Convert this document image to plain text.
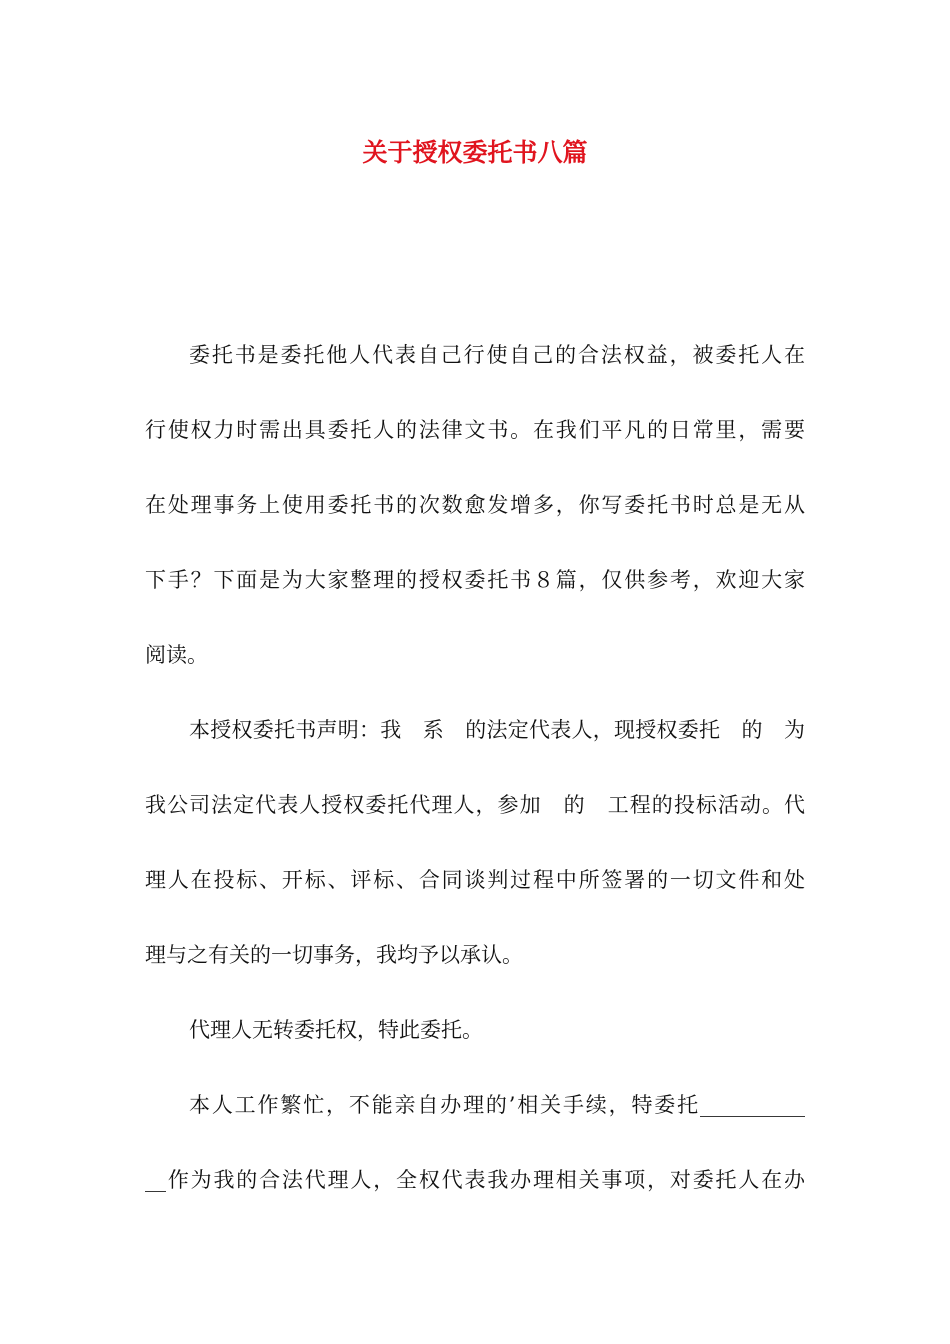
关于授权委托书八篇
委托书是委托他人代表自己行使自己的合法权益，被委托人在
行使权力时需出具委托人的法律文书。在我们平凡的日常里，需要
在处理事务上使用委托书的次数愈发增多，你写委托书时总是无从
下手？下面是为大家整理的授权委托书８篇，仅供参考，欢迎大家
阅读。
本授权委托书声明：我　系　的法定代表人，现授权委托　的　为
我公司法定代表人授权委托代理人，参加　的　工程的投标活动。代
理人在投标、开标、评标、合同谈判过程中所签署的一切文件和处
理与之有关的一切事务，我均予以承认。
代理人无转委托权，特此委托。
本人工作繁忙，不能亲自办理的’相关手续，特委托__________
__作为我的合法代理人，全权代表我办理相关事项，对委托人在办
